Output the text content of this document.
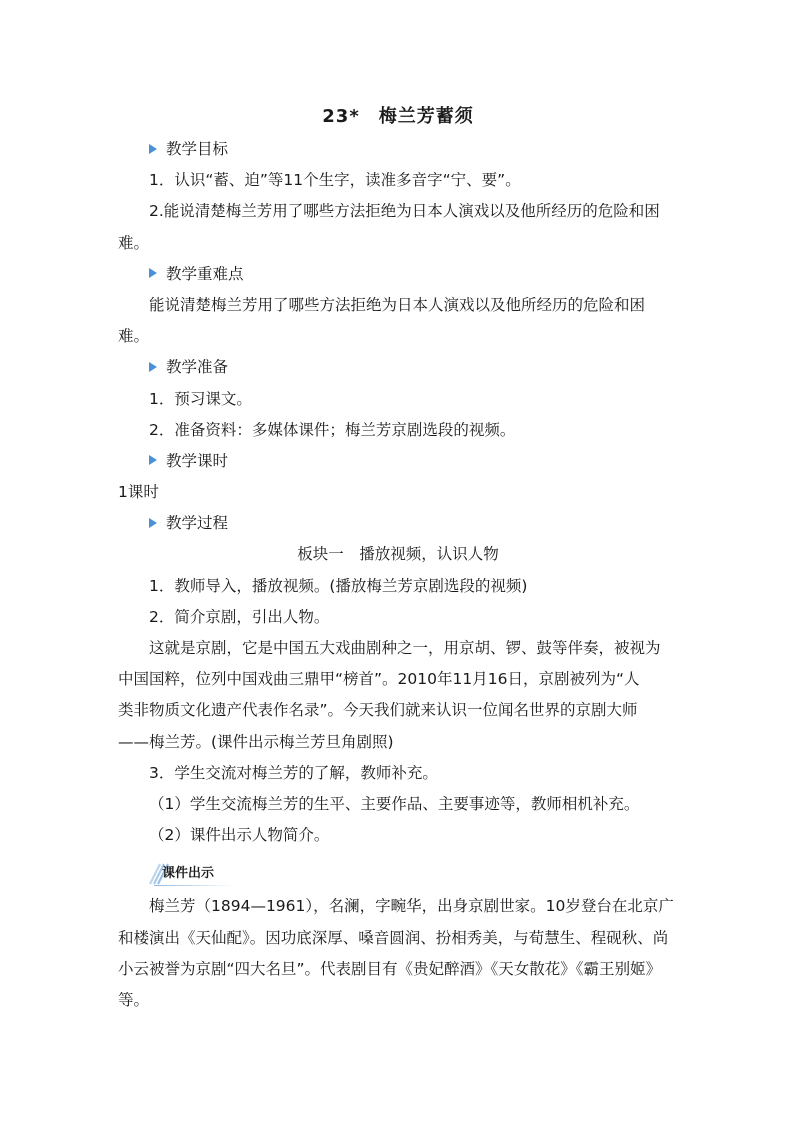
23*　梅兰芳蓄须
教学目标
1．认识“蓄、迫”等11个生字，读准多音字“宁、要”。
2.能说清楚梅兰芳用了哪些方法拒绝为日本人演戏以及他所经历的危险和困
难。
教学重难点
能说清楚梅兰芳用了哪些方法拒绝为日本人演戏以及他所经历的危险和困
难。
教学准备
1．预习课文。
2．准备资料：多媒体课件；梅兰芳京剧选段的视频。
教学课时
1课时
教学过程
板块一　播放视频，认识人物
1．教师导入，播放视频。(播放梅兰芳京剧选段的视频)
2．简介京剧，引出人物。
这就是京剧，它是中国五大戏曲剧种之一，用京胡、锣、鼓等伴奏，被视为
中国国粹，位列中国戏曲三鼎甲“榜首”。2010年11月16日，京剧被列为“人
类非物质文化遗产代表作名录”。今天我们就来认识一位闻名世界的京剧大师
——梅兰芳。(课件出示梅兰芳旦角剧照)
3．学生交流对梅兰芳的了解，教师补充。
（1）学生交流梅兰芳的生平、主要作品、主要事迹等，教师相机补充。
（2）课件出示人物简介。
课件出示
梅兰芳（1894—1961），名澜，字畹华，出身京剧世家。10岁登台在北京广
和楼演出《天仙配》。因功底深厚、嗓音圆润、扮相秀美，与荀慧生、程砚秋、尚
小云被誉为京剧“四大名旦”。代表剧目有《贵妃醉酒》《天女散花》《霸王别姬》
等。
